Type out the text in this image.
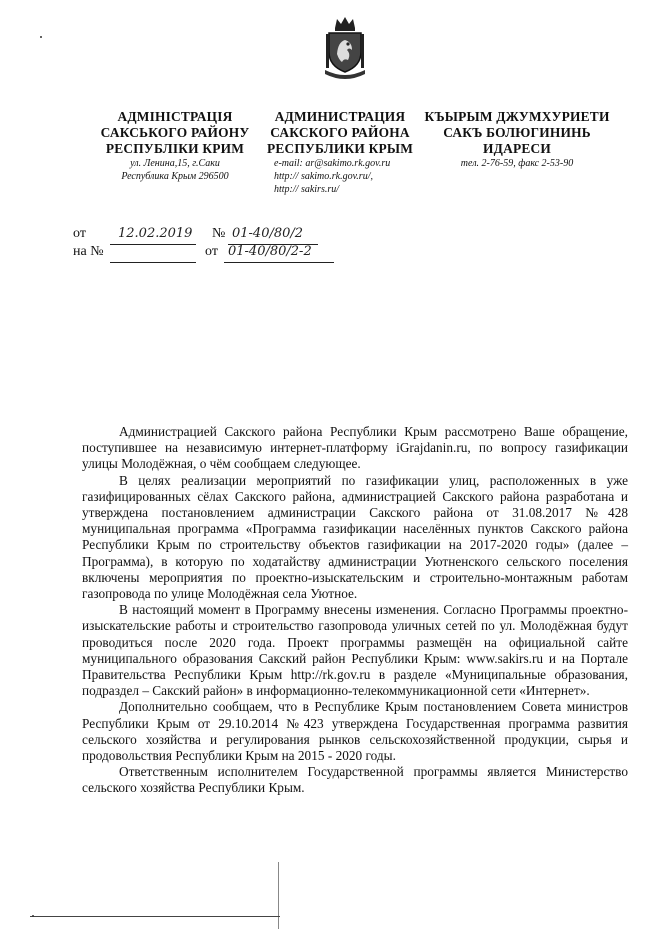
АДМІНІСТРАЦІЯ
САКСЬКОГО РАЙОНУ
РЕСПУБЛІКИ КРИМ
ул. Ленина,15, г.Саки
Республика Крым 296500
АДМИНИСТРАЦИЯ
САКСКОГО РАЙОНА
РЕСПУБЛИКИ КРЫМ
e-mail: ar@sakimo.rk.gov.ru
http:// sakimo.rk.gov.ru/,
http:// sakirs.ru/
КЪЫРЫМ ДЖУМХУРИЕТИ
САКЪ БОЛЮГИНИНЬ
ИДАРЕСИ
тел. 2-76-59, факс 2-53-90
от 12.02.2019 № 01-40/80/2
на №	от 01-40/80/2-2

Администрацией Сакского района Республики Крым рассмотрено Ваше обращение, поступившее на независимую интернет-платформу iGrajdanin.ru, по вопросу газификации улицы Молодёжная, о чём сообщаем следующее.

В целях реализации мероприятий по газификации улиц, расположенных в уже газифицированных сёлах Сакского района, администрацией Сакского района разработана и утверждена постановлением администрации Сакского района от 31.08.2017 №428 муниципальная программа «Программа газификации населённых пунктов Сакского района Республики Крым по строительству объектов газификации на 2017-2020 годы» (далее – Программа), в которую по ходатайству администрации Уютненского сельского поселения включены мероприятия по проектно-изыскательским и строительно-монтажным работам газопровода по улице Молодёжная села Уютное.

В настоящий момент в Программу внесены изменения. Согласно Программы проектно-изыскательские работы и строительство газопровода уличных сетей по ул. Молодёжная будут проводиться после 2020 года. Проект программы размещён на официальной сайте муниципального образования Сакский район Республики Крым: www.sakirs.ru и на Портале Правительства Республики Крым http://rk.gov.ru в разделе «Муниципальные образования, подраздел – Сакский район» в информационно-телекоммуникационной сети «Интернет».

Дополнительно сообщаем, что в Республике Крым постановлением Совета министров Республики Крым от 29.10.2014 №423 утверждена Государственная программа развития сельского хозяйства и регулирования рынков сельскохозяйственной продукции, сырья и продовольствия Республики Крым на 2015 - 2020 годы.

Ответственным исполнителем Государственной программы является Министерство сельского хозяйства Республики Крым.
